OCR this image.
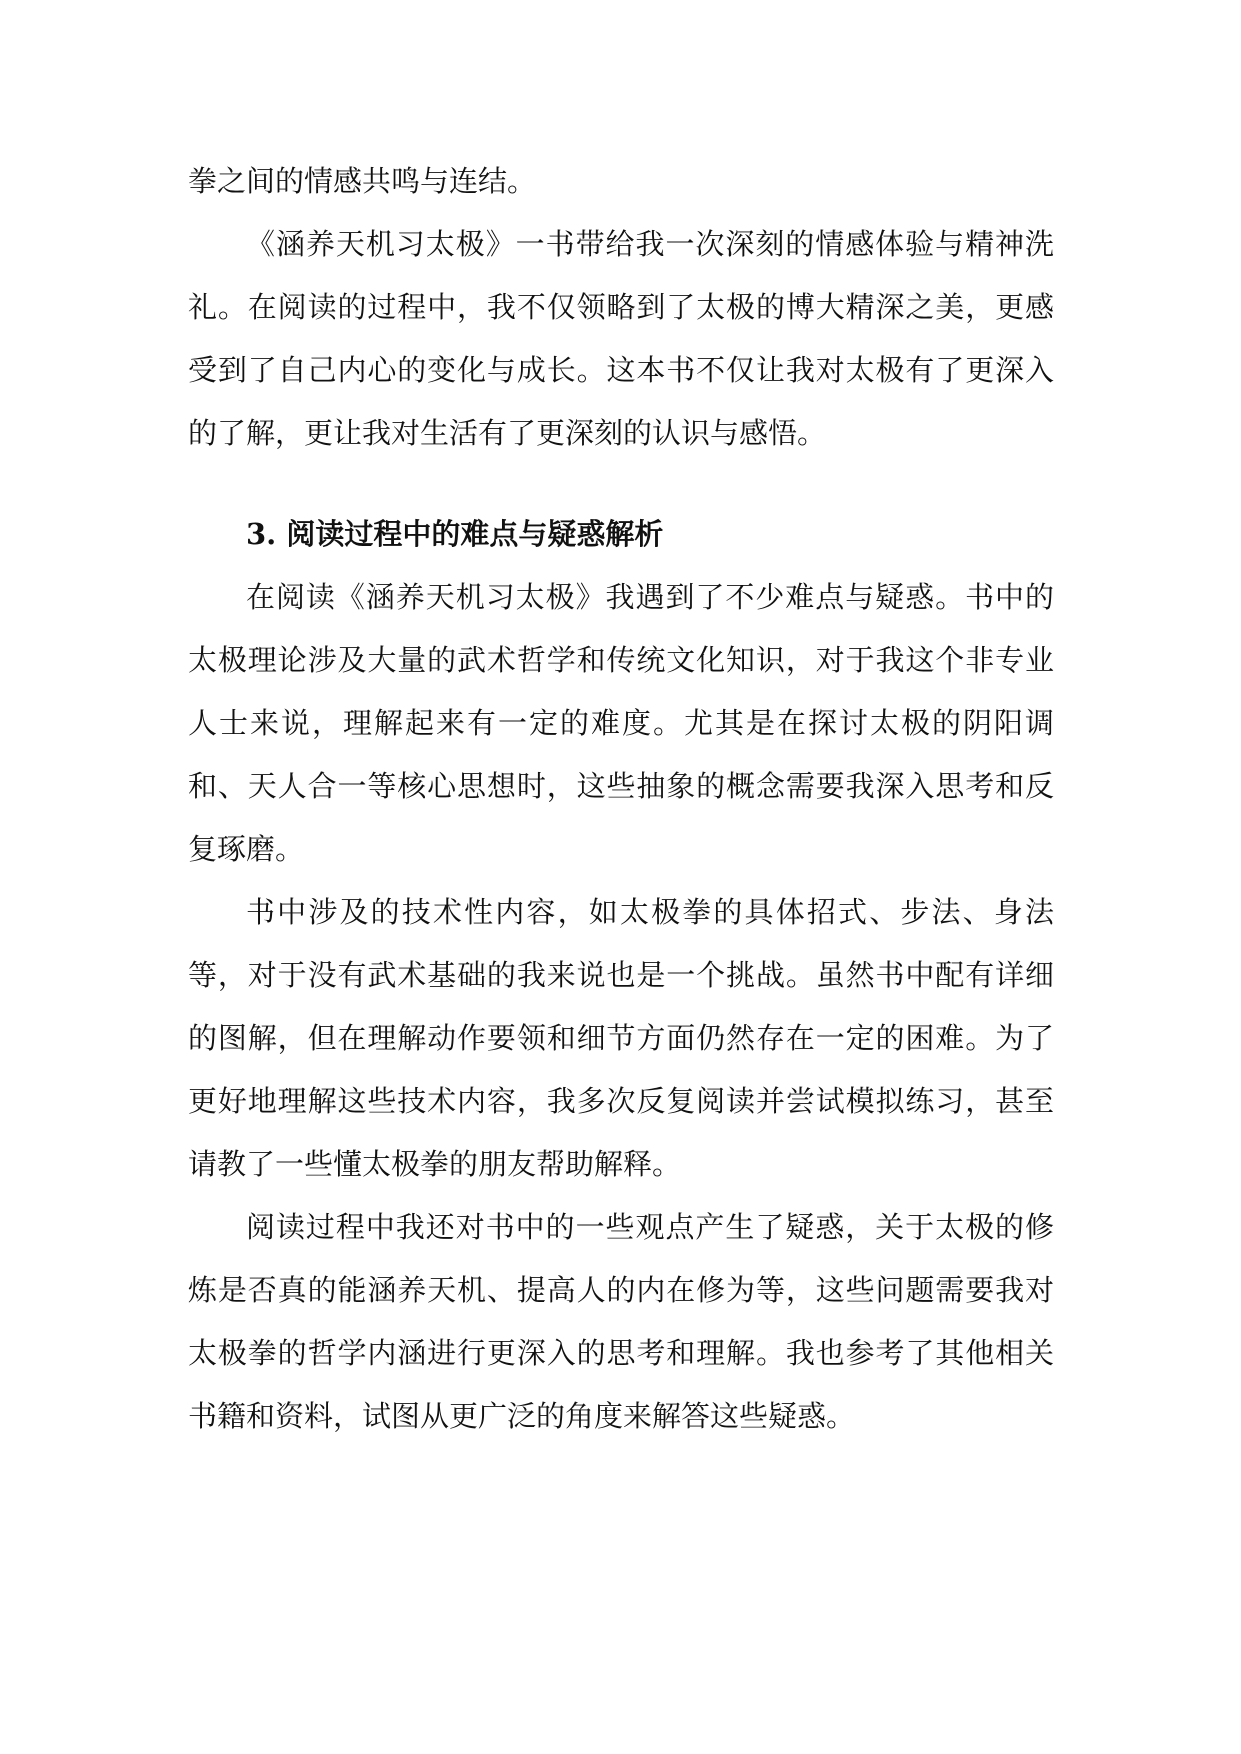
拳之间的情感共鸣与连结。

《涵养天机习太极》一书带给我一次深刻的情感体验与精神洗礼。在阅读的过程中，我不仅领略到了太极的博大精深之美，更感受到了自己内心的变化与成长。这本书不仅让我对太极有了更深入的了解，更让我对生活有了更深刻的认识与感悟。

3. 阅读过程中的难点与疑惑解析

在阅读《涵养天机习太极》我遇到了不少难点与疑惑。书中的太极理论涉及大量的武术哲学和传统文化知识，对于我这个非专业人士来说，理解起来有一定的难度。尤其是在探讨太极的阴阳调和、天人合一等核心思想时，这些抽象的概念需要我深入思考和反复琢磨。

书中涉及的技术性内容，如太极拳的具体招式、步法、身法等，对于没有武术基础的我来说也是一个挑战。虽然书中配有详细的图解，但在理解动作要领和细节方面仍然存在一定的困难。为了更好地理解这些技术内容，我多次反复阅读并尝试模拟练习，甚至请教了一些懂太极拳的朋友帮助解释。

阅读过程中我还对书中的一些观点产生了疑惑，关于太极的修炼是否真的能涵养天机、提高人的内在修为等，这些问题需要我对太极拳的哲学内涵进行更深入的思考和理解。我也参考了其他相关书籍和资料，试图从更广泛的角度来解答这些疑惑。
